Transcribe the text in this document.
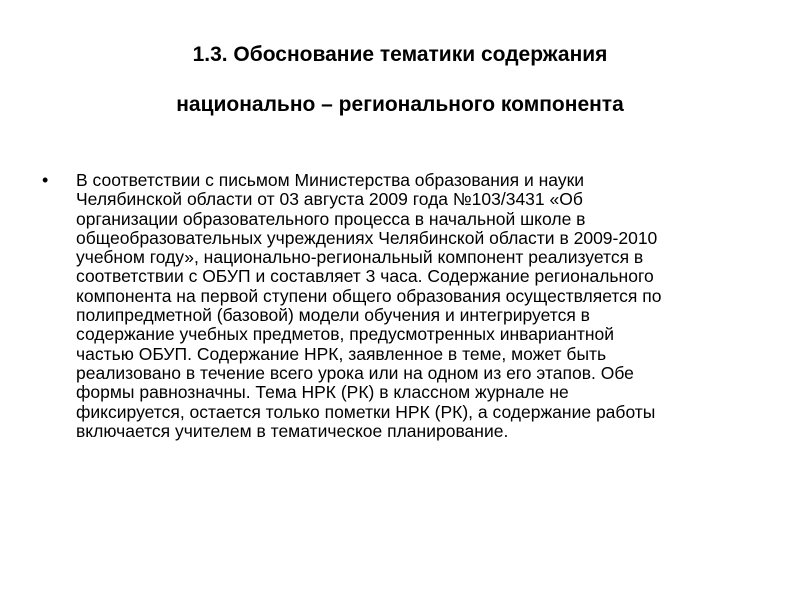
1.3. Обоснование тематики содержания
национально – регионального компонента
•	В соответствии с письмом Министерства образования и науки
Челябинской области от 03 августа 2009 года №103/3431 «Об
организации образовательного процесса в начальной школе в
общеобразовательных учреждениях Челябинской области в 2009-2010
учебном году», национально-региональный компонент реализуется в
соответствии с ОБУП и составляет 3 часа. Содержание регионального
компонента на первой ступени общего образования осуществляется по
полипредметной (базовой) модели обучения и интегрируется в
содержание учебных предметов, предусмотренных инвариантной
частью ОБУП. Содержание НРК, заявленное в теме, может быть
реализовано в течение всего урока или на одном из его этапов. Обе
формы равнозначны. Тема НРК (РК) в классном журнале не
фиксируется, остается только пометки НРК (РК), а содержание работы
включается учителем в тематическое планирование.
